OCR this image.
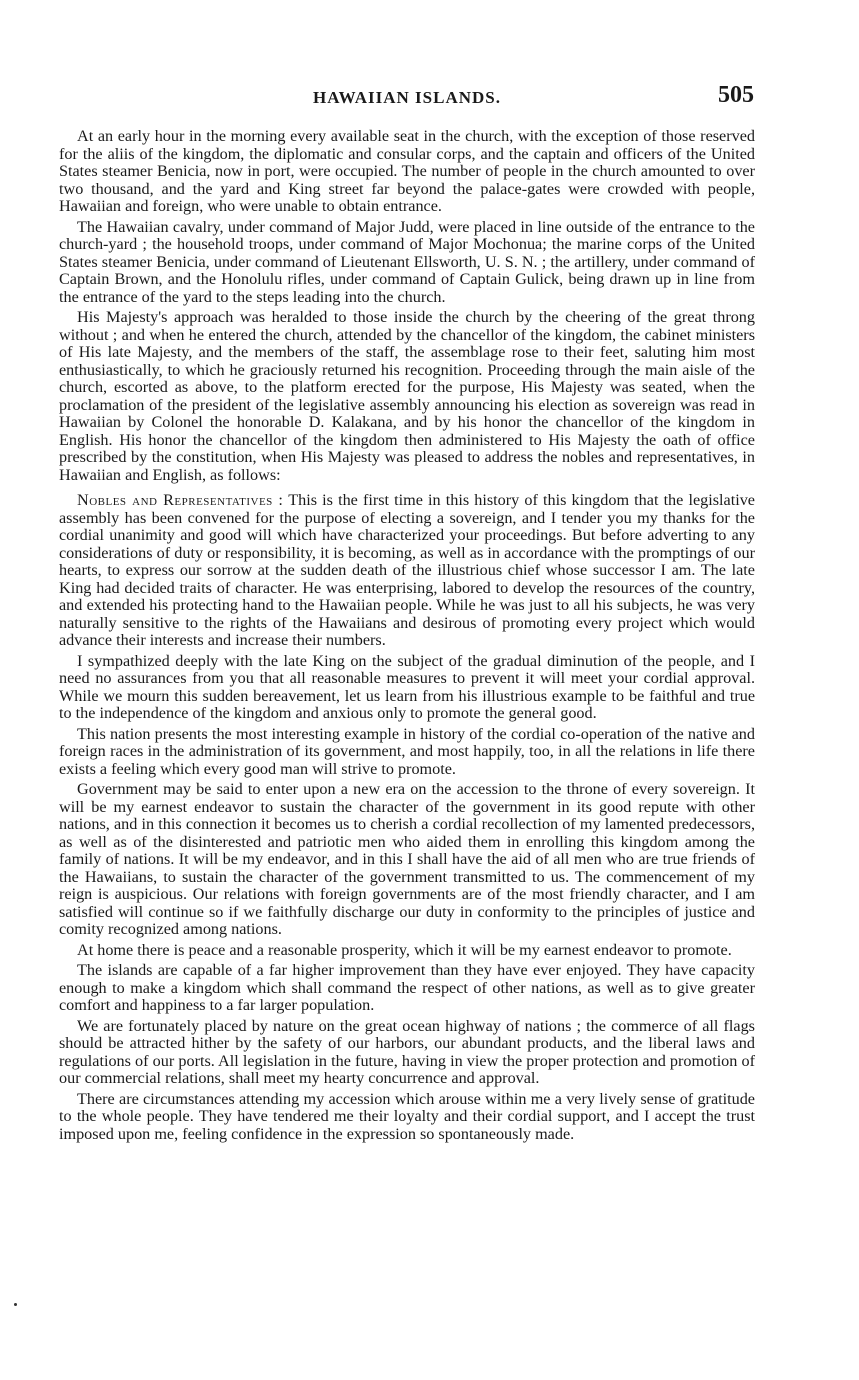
HAWAIIAN ISLANDS.	505

At an early hour in the morning every available seat in the church, with the exception of those reserved for the aliis of the kingdom, the diplomatic and consular corps, and the captain and officers of the United States steamer Benicia, now in port, were occupied. The number of people in the church amounted to over two thousand, and the yard and King street far beyond the palace-gates were crowded with people, Hawaiian and foreign, who were unable to obtain entrance.

The Hawaiian cavalry, under command of Major Judd, were placed in line outside of the entrance to the church-yard ; the household troops, under command of Major Mochonua; the marine corps of the United States steamer Benicia, under command of Lieutenant Ellsworth, U. S. N. ; the artillery, under command of Captain Brown, and the Honolulu rifles, under command of Captain Gulick, being drawn up in line from the entrance of the yard to the steps leading into the church.

His Majesty's approach was heralded to those inside the church by the cheering of the great throng without ; and when he entered the church, attended by the chancellor of the kingdom, the cabinet ministers of His late Majesty, and the members of the staff, the assemblage rose to their feet, saluting him most enthusiastically, to which he graciously returned his recognition. Proceeding through the main aisle of the church, escorted as above, to the platform erected for the purpose, His Majesty was seated, when the proclamation of the president of the legislative assembly announcing his election as sovereign was read in Hawaiian by Colonel the honorable D. Kalakana, and by his honor the chancellor of the kingdom in English. His honor the chancellor of the kingdom then administered to His Majesty the oath of office prescribed by the constitution, when His Majesty was pleased to address the nobles and representatives, in Hawaiian and English, as follows:

Nobles and Representatives : This is the first time in this history of this kingdom that the legislative assembly has been convened for the purpose of electing a sovereign, and I tender you my thanks for the cordial unanimity and good will which have characterized your proceedings. But before adverting to any considerations of duty or responsibility, it is becoming, as well as in accordance with the promptings of our hearts, to express our sorrow at the sudden death of the illustrious chief whose successor I am. The late King had decided traits of character. He was enterprising, labored to develop the resources of the country, and extended his protecting hand to the Hawaiian people. While he was just to all his subjects, he was very naturally sensitive to the rights of the Hawaiians and desirous of promoting every project which would advance their interests and increase their numbers.

I sympathized deeply with the late King on the subject of the gradual diminution of the people, and I need no assurances from you that all reasonable measures to prevent it will meet your cordial approval. While we mourn this sudden bereavement, let us learn from his illustrious example to be faithful and true to the independence of the kingdom and anxious only to promote the general good.

This nation presents the most interesting example in history of the cordial co-operation of the native and foreign races in the administration of its government, and most happily, too, in all the relations in life there exists a feeling which every good man will strive to promote.

Government may be said to enter upon a new era on the accession to the throne of every sovereign. It will be my earnest endeavor to sustain the character of the government in its good repute with other nations, and in this connection it becomes us to cherish a cordial recollection of my lamented predecessors, as well as of the disinterested and patriotic men who aided them in enrolling this kingdom among the family of nations. It will be my endeavor, and in this I shall have the aid of all men who are true friends of the Hawaiians, to sustain the character of the government transmitted to us. The commencement of my reign is auspicious. Our relations with foreign governments are of the most friendly character, and I am satisfied will continue so if we faithfully discharge our duty in conformity to the principles of justice and comity recognized among nations.

At home there is peace and a reasonable prosperity, which it will be my earnest endeavor to promote.

The islands are capable of a far higher improvement than they have ever enjoyed. They have capacity enough to make a kingdom which shall command the respect of other nations, as well as to give greater comfort and happiness to a far larger population.

We are fortunately placed by nature on the great ocean highway of nations ; the commerce of all flags should be attracted hither by the safety of our harbors, our abundant products, and the liberal laws and regulations of our ports. All legislation in the future, having in view the proper protection and promotion of our commercial relations, shall meet my hearty concurrence and approval.

There are circumstances attending my accession which arouse within me a very lively sense of gratitude to the whole people. They have tendered me their loyalty and their cordial support, and I accept the trust imposed upon me, feeling confidence in the expression so spontaneously made.
